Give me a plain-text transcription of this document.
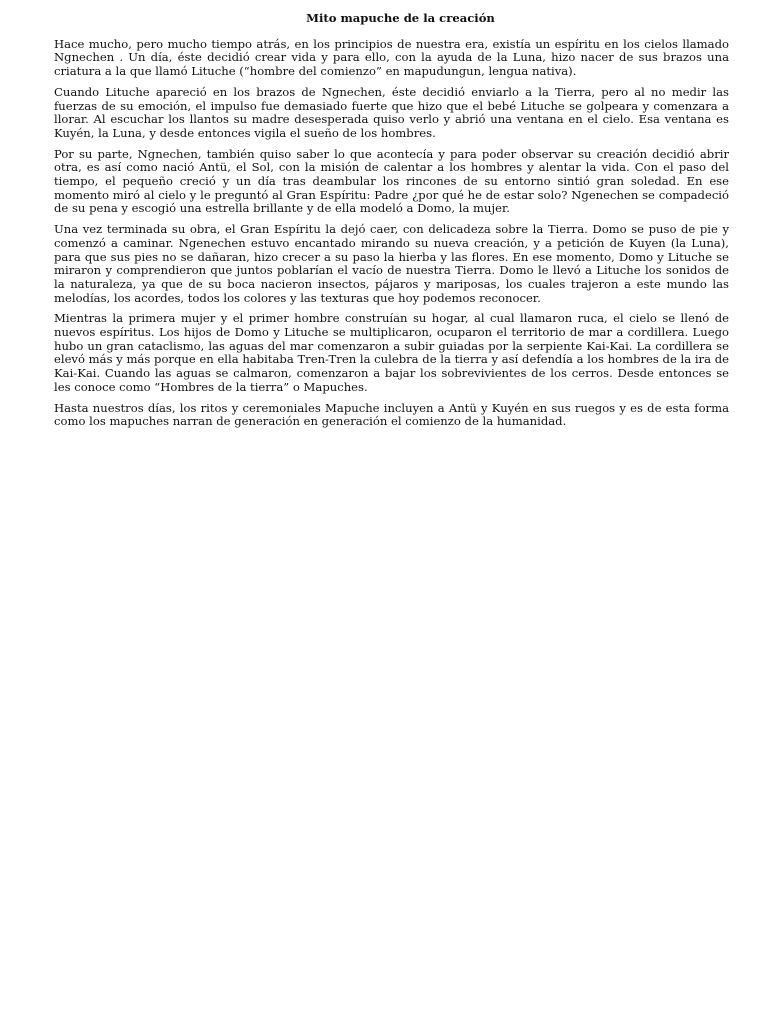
Mito mapuche de la creación

Hace mucho, pero mucho tiempo atrás, en los principios de nuestra era, existía un espíritu en los cielos llamado Ngnechen . Un día, éste decidió crear vida y para ello, con la ayuda de la Luna, hizo nacer de sus brazos una criatura a la que llamó Lituche (“hombre del comienzo” en mapudungun, lengua nativa).

Cuando Lituche apareció en los brazos de Ngnechen, éste decidió enviarlo a la Tierra, pero al no medir las fuerzas de su emoción, el impulso fue demasiado fuerte que hizo que el bebé Lituche se golpeara y comenzara a llorar. Al escuchar los llantos su madre desesperada quiso verlo y abrió una ventana en el cielo. Esa ventana es Kuyén, la Luna, y desde entonces vigila el sueño de los hombres.

Por su parte, Ngnechen, también quiso saber lo que acontecía y para poder observar su creación decidió abrir otra, es así como nació Antü, el Sol, con la misión de calentar a los hombres y alentar la vida. Con el paso del tiempo, el pequeño creció y un día tras deambular los rincones de su entorno sintió gran soledad. En ese momento miró al cielo y le preguntó al Gran Espíritu: Padre ¿por qué he de estar solo? Ngenechen se compadeció de su pena y escogió una estrella brillante y de ella modeló a Domo, la mujer.

Una vez terminada su obra, el Gran Espíritu la dejó caer, con delicadeza sobre la Tierra. Domo se puso de pie y comenzó a caminar. Ngenechen estuvo encantado mirando su nueva creación, y a petición de Kuyen (la Luna), para que sus pies no se dañaran, hizo crecer a su paso la hierba y las flores. En ese momento, Domo y Lituche se miraron y comprendieron que juntos poblarían el vacío de nuestra Tierra. Domo le llevó a Lituche los sonidos de la naturaleza, ya que de su boca nacieron insectos, pájaros y mariposas, los cuales trajeron a este mundo las melodías, los acordes, todos los colores y las texturas que hoy podemos reconocer.

Mientras la primera mujer y el primer hombre construían su hogar, al cual llamaron ruca, el cielo se llenó de nuevos espíritus. Los hijos de Domo y Lituche se multiplicaron, ocuparon el territorio de mar a cordillera. Luego hubo un gran cataclismo, las aguas del mar comenzaron a subir guiadas por la serpiente Kai-Kai. La cordillera se elevó más y más porque en ella habitaba Tren-Tren la culebra de la tierra y así defendía a los hombres de la ira de Kai-Kai. Cuando las aguas se calmaron, comenzaron a bajar los sobrevivientes de los cerros. Desde entonces se les conoce como “Hombres de la tierra” o Mapuches.

Hasta nuestros días, los ritos y ceremoniales Mapuche incluyen a Antü y Kuyén en sus ruegos y es de esta forma como los mapuches narran de generación en generación el comienzo de la humanidad.
